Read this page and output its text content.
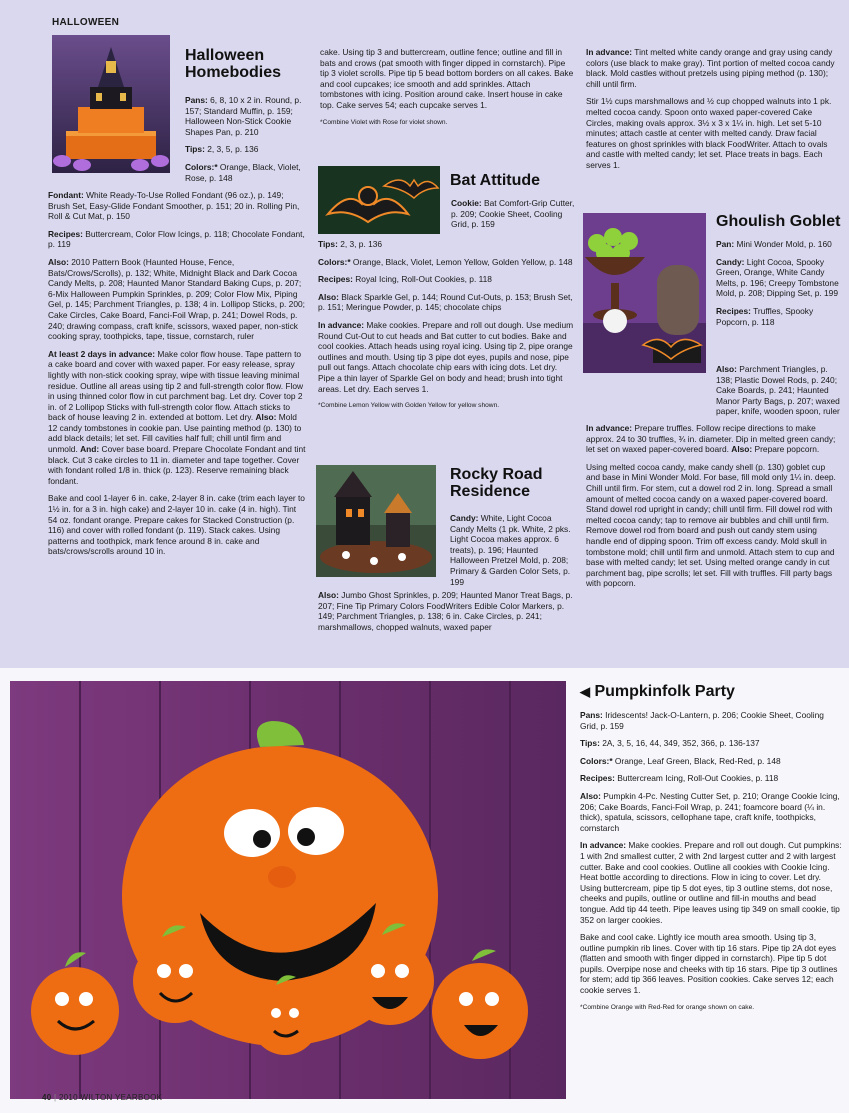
HALLOWEEN
Halloween
Homebodies

Pans: 6, 8, 10 x 2 in. Round, p. 157; Standard Muffin, p. 159; Halloween Non-Stick Cookie Shapes Pan, p. 210

Tips: 2, 3, 5, p. 136

Colors:* Orange, Black, Violet, Rose, p. 148

Fondant: White Ready-To-Use Rolled Fondant (96 oz.), p. 149; Brush Set, Easy-Glide Fondant Smoother, p. 151; 20 in. Rolling Pin, Roll & Cut Mat, p. 150

Recipes: Buttercream, Color Flow Icings, p. 118; Chocolate Fondant, p. 119

Also: 2010 Pattern Book (Haunted House, Fence, Bats/Crows/Scrolls), p. 132; White, Midnight Black and Dark Cocoa Candy Melts, p. 208; Haunted Manor Standard Baking Cups, p. 207; 6-Mix Halloween Pumpkin Sprinkles, p. 209; Color Flow Mix, Piping Gel, p. 145; Parchment Triangles, p. 138; 4 in. Lollipop Sticks, p. 200; Cake Circles, Cake Board, Fanci-Foil Wrap, p. 241; Dowel Rods, p. 240; drawing compass, craft knife, scissors, waxed paper, non-stick cooking spray, toothpicks, tape, tissue, cornstarch, ruler

At least 2 days in advance: Make color flow house. Tape pattern to a cake board and cover with waxed paper. For easy release, spray lightly with non-stick cooking spray, wipe with tissue leaving minimal residue. Outline all areas using tip 2 and full-strength color flow. Flow in using thinned color flow in cut parchment bag. Let dry. Cover top 2 in. of 2 Lollipop Sticks with full-strength color flow. Attach sticks to back of house leaving 2 in. extended at bottom. Let dry. Also: Mold 12 candy tombstones in cookie pan. Use painting method (p. 130) to add black details; let set. Fill cavities half full; chill until firm and unmold. And: Cover base board. Prepare Chocolate Fondant and tint black. Cut 3 cake circles to 11 in. diameter and tape together. Cover with fondant rolled 1/8 in. thick (p. 123). Reserve remaining black fondant.

Bake and cool 1-layer 6 in. cake, 2-layer 8 in. cake (trim each layer to 1½ in. for a 3 in. high cake) and 2-layer 10 in. cake (4 in. high). Tint 54 oz. fondant orange. Prepare cakes for Stacked Construction (p. 116) and cover with rolled fondant (p. 119). Stack cakes. Using patterns and toothpick, mark fence around 8 in. cake and bats/crows/scrolls around 10 in.

cake. Using tip 3 and buttercream, outline fence; outline and fill in bats and crows (pat smooth with finger dipped in cornstarch). Pipe tip 3 violet scrolls. Pipe tip 5 bead bottom borders on all cakes. Bake and cool cupcakes; ice smooth and add sprinkles. Attach tombstones with icing. Position around cake. Insert house in cake top. Cake serves 54; each cupcake serves 1.

*Combine Violet with Rose for violet shown.

Bat Attitude

Cookie: Bat Comfort-Grip Cutter, p. 209; Cookie Sheet, Cooling Grid, p. 159

Tips: 2, 3, p. 136

Colors:* Orange, Black, Violet, Lemon Yellow, Golden Yellow, p. 148

Recipes: Royal Icing, Roll-Out Cookies, p. 118

Also: Black Sparkle Gel, p. 144; Round Cut-Outs, p. 153; Brush Set, p. 151; Meringue Powder, p. 145; chocolate chips

In advance: Make cookies. Prepare and roll out dough. Use medium Round Cut-Out to cut heads and Bat cutter to cut bodies. Bake and cool cookies. Attach heads using royal icing. Using tip 2, pipe orange outlines and mouth. Using tip 3 pipe dot eyes, pupils and nose, pipe pull out fangs. Attach chocolate chip ears with icing dots. Let dry. Pipe a thin layer of Sparkle Gel on body and head; brush into tight areas. Let dry. Each serves 1.

*Combine Lemon Yellow with Golden Yellow for yellow shown.

Rocky Road
Residence

Candy: White, Light Cocoa Candy Melts (1 pk. White, 2 pks. Light Cocoa makes approx. 6 treats), p. 196; Haunted Halloween Pretzel Mold, p. 208; Primary & Garden Color Sets, p. 199

Also: Jumbo Ghost Sprinkles, p. 209; Haunted Manor Treat Bags, p. 207; Fine Tip Primary Colors FoodWriters Edible Color Markers, p. 149; Parchment Triangles, p. 138; 6 in. Cake Circles, p. 241; marshmallows, chopped walnuts, waxed paper

In advance: Tint melted white candy orange and gray using candy colors (use black to make gray). Tint portion of melted cocoa candy black. Mold castles without pretzels using piping method (p. 130); chill until firm.

Stir 1½ cups marshmallows and ½ cup chopped walnuts into 1 pk. melted cocoa candy. Spoon onto waxed paper-covered Cake Circles, making ovals approx. 3½ x 3 x 1¼ in. high. Let set 5-10 minutes; attach castle at center with melted candy. Draw facial features on ghost sprinkles with black FoodWriter. Attach to ovals and castle with melted candy; let set. Place treats in bags. Each serves 1.

Ghoulish Goblet

Pan: Mini Wonder Mold, p. 160

Candy: Light Cocoa, Spooky Green, Orange, White Candy Melts, p. 196; Creepy Tombstone Mold, p. 208; Dipping Set, p. 199

Recipes: Truffles, Spooky Popcorn, p. 118

Also: Parchment Triangles, p. 138; Plastic Dowel Rods, p. 240; Cake Boards, p. 241; Haunted Manor Party Bags, p. 207; waxed paper, knife, wooden spoon, ruler

In advance: Prepare truffles. Follow recipe directions to make approx. 24 to 30 truffles, ¾ in. diameter. Dip in melted green candy; let set on waxed paper-covered board. Also: Prepare popcorn.

Using melted cocoa candy, make candy shell (p. 130) goblet cup and base in Mini Wonder Mold. For base, fill mold only 1¼ in. deep. Chill until firm. For stem, cut a dowel rod 2 in. long. Spread a small amount of melted cocoa candy on a waxed paper-covered board. Stand dowel rod upright in candy; chill until firm. Fill dowel rod with melted cocoa candy; tap to remove air bubbles and chill until firm. Remove dowel rod from board and push out candy stem using handle end of dipping spoon. Trim off excess candy. Mold skull in tombstone mold; chill until firm and unmold. Attach stem to cup and base with melted candy; let set. Using melted orange candy in cut parchment bag, pipe scrolls; let set. Fill with truffles. Fill party bags with popcorn.

◀ Pumpkinfolk Party

Pans: Iridescents! Jack-O-Lantern, p. 206; Cookie Sheet, Cooling Grid, p. 159

Tips: 2A, 3, 5, 16, 44, 349, 352, 366, p. 136-137

Colors:* Orange, Leaf Green, Black, Red-Red, p. 148

Recipes: Buttercream Icing, Roll-Out Cookies, p. 118

Also: Pumpkin 4-Pc. Nesting Cutter Set, p. 210; Orange Cookie Icing, 206; Cake Boards, Fanci-Foil Wrap, p. 241; foamcore board (¼ in. thick), spatula, scissors, cellophane tape, craft knife, toothpicks, cornstarch

In advance: Make cookies. Prepare and roll out dough. Cut pumpkins: 1 with 2nd smallest cutter, 2 with 2nd largest cutter and 2 with largest cutter. Bake and cool cookies. Outline all cookies with Cookie Icing. Heat bottle according to directions. Flow in icing to cover. Let dry. Using buttercream, pipe tip 5 dot eyes, tip 3 outline stems, dot nose, cheeks and pupils, outline or outline and fill-in mouths and bead tongue. Add tip 44 teeth. Pipe leaves using tip 349 on small cookie, tip 352 on larger cookies.

Bake and cool cake. Lightly ice mouth area smooth. Using tip 3, outline pumpkin rib lines. Cover with tip 16 stars. Pipe tip 2A dot eyes (flatten and smooth with finger dipped in cornstarch). Pipe tip 5 dot pupils. Overpipe nose and cheeks with tip 16 stars. Pipe tip 3 outlines for stem; add tip 366 leaves. Position cookies. Cake serves 12; each cookie serves 1.

*Combine Orange with Red-Red for orange shown on cake.

40 | 2010 WILTON YEARBOOK
